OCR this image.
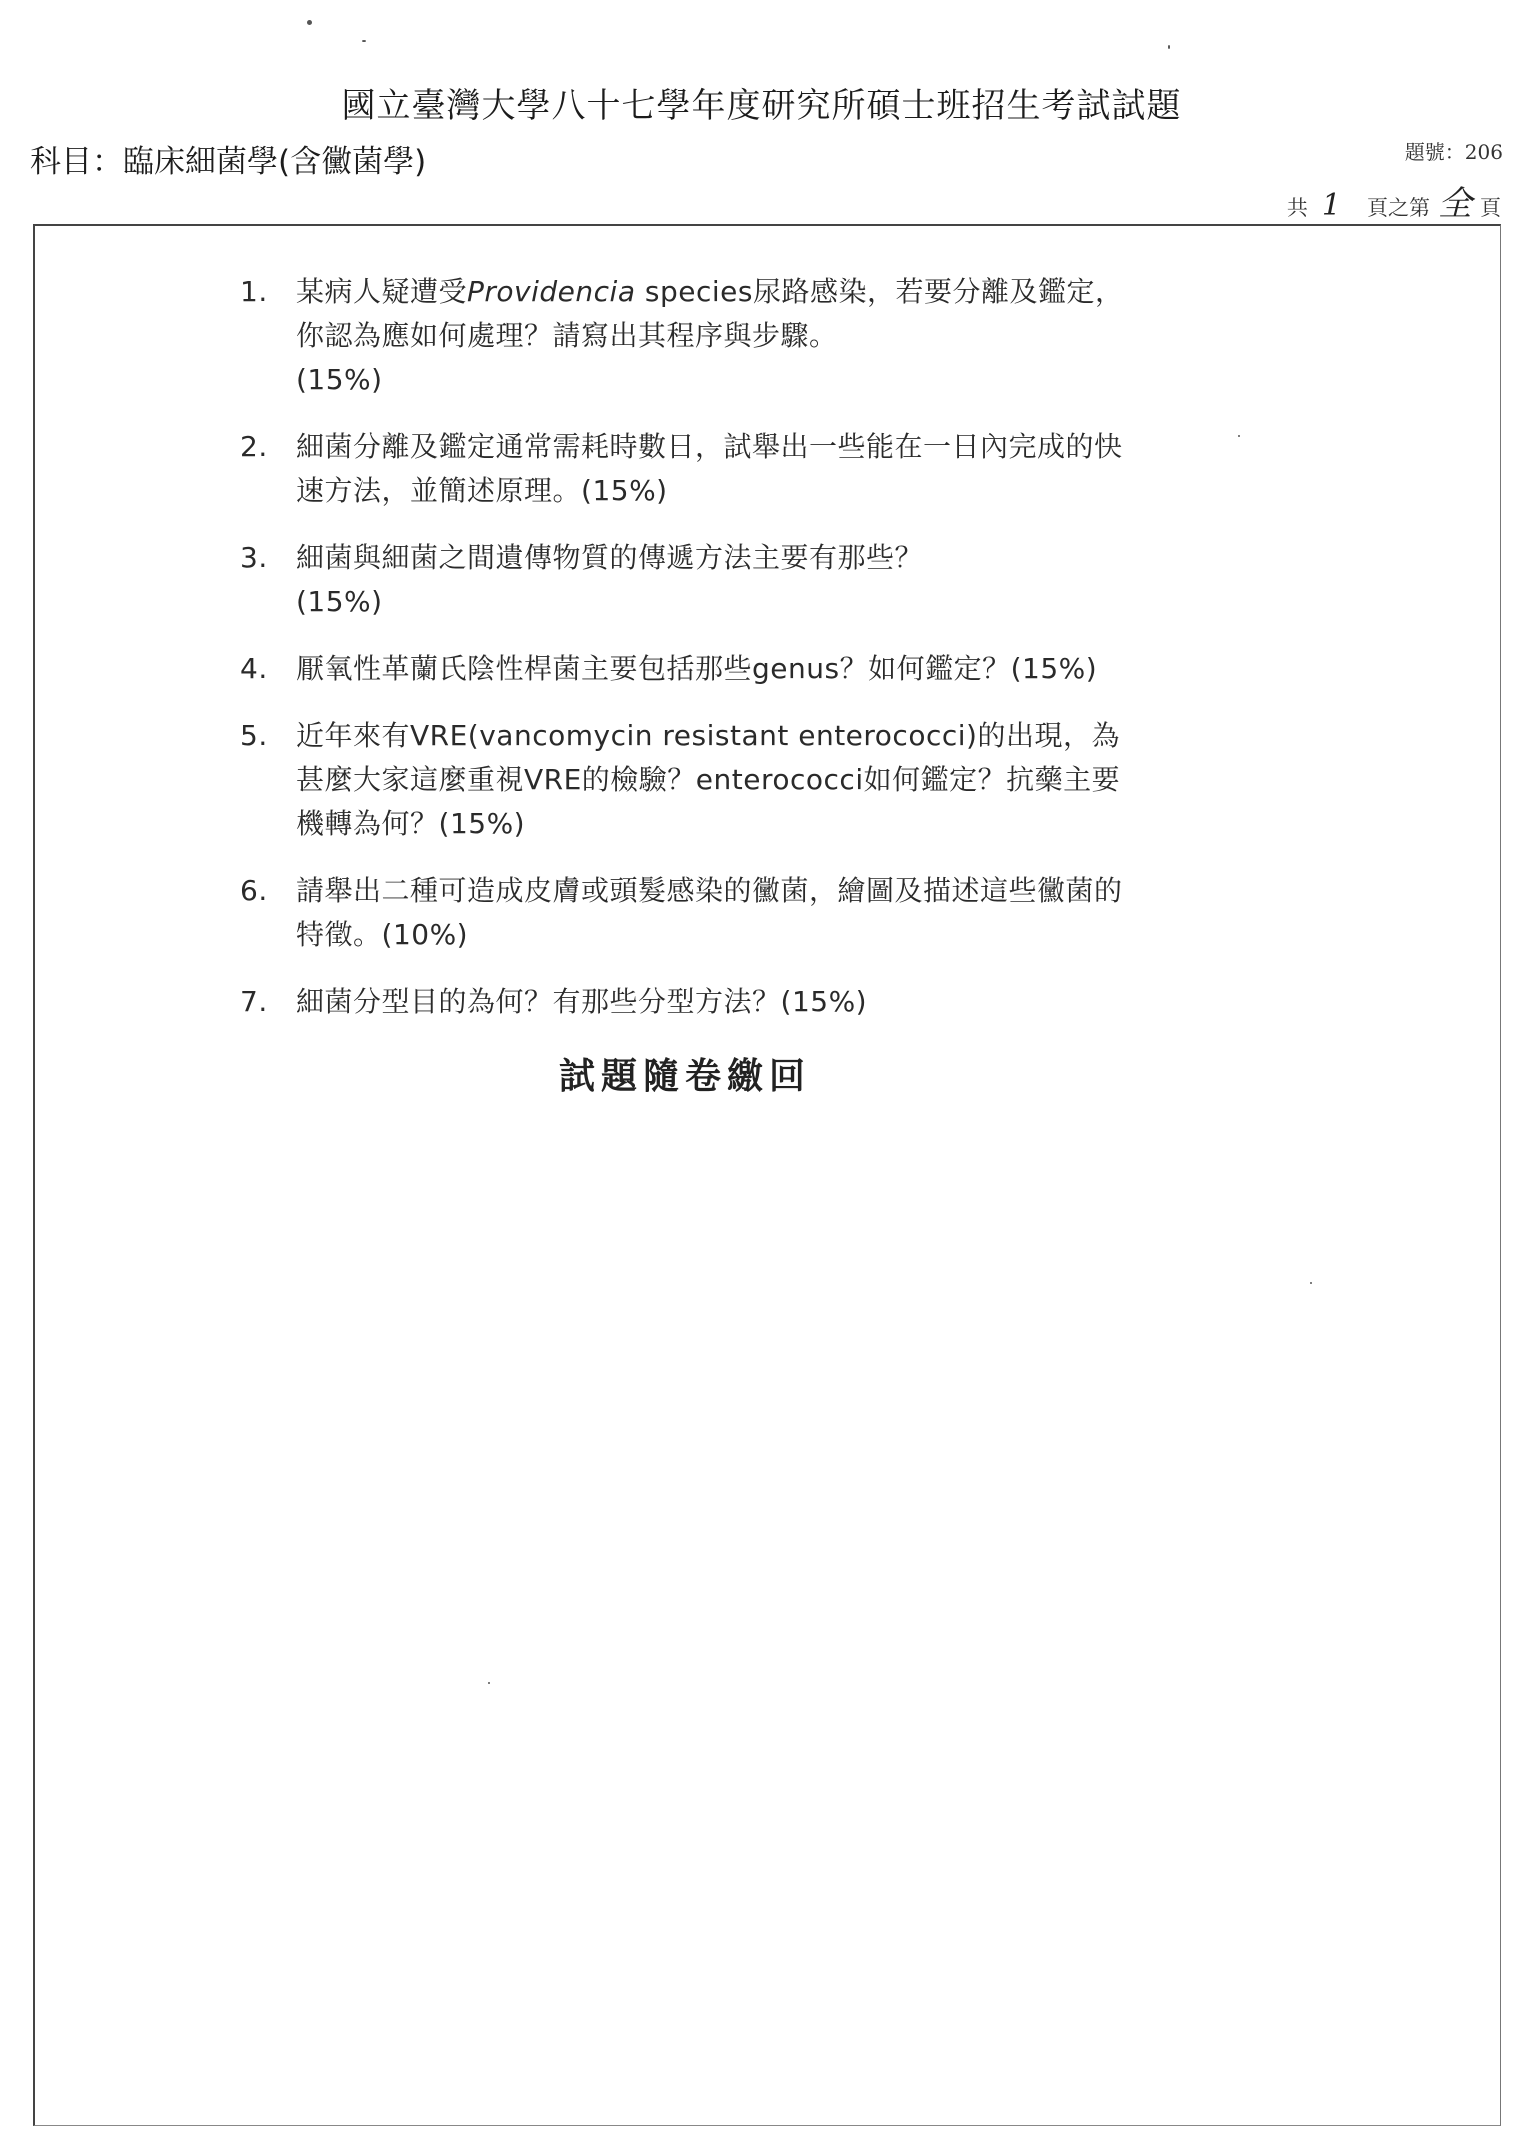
國立臺灣大學八十七學年度研究所碩士班招生考試試題
科目：臨床細菌學(含黴菌學)	題號：206
共 1	頁之第 全 頁
1. 某病人疑遭受Providencia species尿路感染，若要分離及鑑定，你認為應如何處理？請寫出其程序與步驟。
(15%)
2. 細菌分離及鑑定通常需耗時數日，試舉出一些能在一日內完成的快速方法，並簡述原理。(15%)
3. 細菌與細菌之間遺傳物質的傳遞方法主要有那些？
(15%)
4. 厭氧性革蘭氏陰性桿菌主要包括那些genus？如何鑑定？(15%)
5. 近年來有VRE(vancomycin resistant enterococci)的出現，為甚麼大家這麼重視VRE的檢驗？enterococci如何鑑定？抗藥主要機轉為何？(15%)
6. 請舉出二種可造成皮膚或頭髮感染的黴菌，繪圖及描述這些黴菌的特徵。(10%)
7. 細菌分型目的為何？有那些分型方法？(15%)
試題隨卷繳回
